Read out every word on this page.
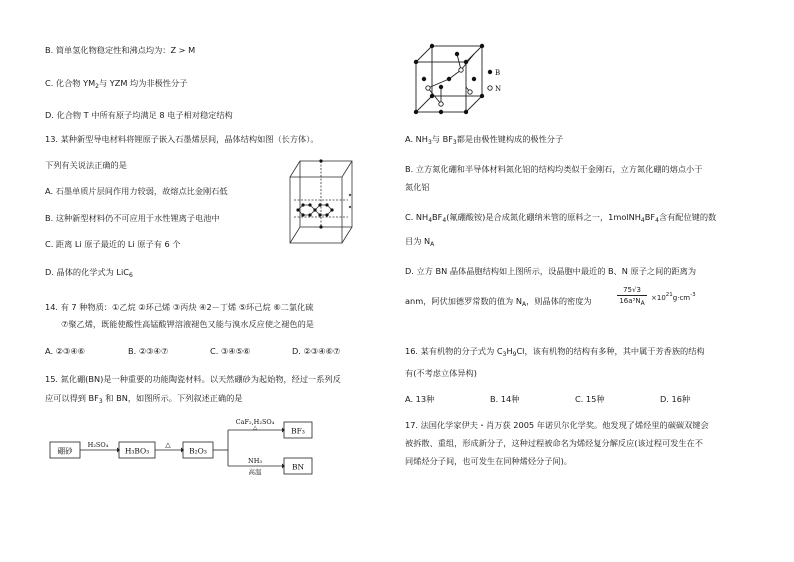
B. 简单氢化物稳定性和沸点均为：Z > M
C. 化合物 $YM_2$与 YZM 均为非极性分子
D. 化合物 T 中所有原子均满足 8 电子相对稳定结构
13. 某种新型导电材料将锂原子嵌入石墨烯层间，晶体结构如图（长方体）。
下列有关说法正确的是
A. 石墨单质片层间作用力较弱，故熔点比金刚石低
B. 这种新型材料仍不可应用于水性锂离子电池中
C. 距离 Li 原子最近的 Li 原子有 6 个
D. 晶体的化学式为 LiC$_6$
14. 有 7 种物质：①乙烷 ②环己烯 ③丙炔 ④2－丁烯 ⑤环己烷 ⑥二氯化硫
⑦聚乙烯，既能使酸性高锰酸钾溶液褪色又能与溴水反应使之褪色的是
A. ②③④⑥	B. ②③④⑦	C. ③④⑤⑥	D. ②③④⑥⑦
15. 氮化硼(BN)是一种重要的功能陶瓷材料。以天然硼砂为起始物，经过一系列反
应可以得到 $BF_3$ 和 BN，如图所示。下列叙述正确的是
硼砂
H₂SO₄
H₃BO₃
△
B₂O₃
CaF₂,H₂SO₄
△	BF₃
NH₃
高温
BN
B
N
A. $NH_3$与 $BF_3$都是由极性键构成的极性分子
B. 立方氮化硼和半导体材料氮化铝的结构均类似于金刚石，立方氮化硼的熔点小于
氮化铝
C. $NH_4BF_4$(氟硼酸铵)是合成氮化硼纳米管的原料之一，$1molNH_4BF_4$含有配位键的数
目为 $N_A$
D. 立方 BN 晶体晶胞结构如上图所示，设晶胞中最近的 B、N 原子之间的距离为
anm，阿伏加德罗常数的值为 $N_A$，则晶体的密度为
75√3
16a³NA
$\times 10^{21}g\cdot cm^{-3}$
16. 某有机物的分子式为 $C_3H_9Cl$，该有机物的结构有多种，其中属于芳香族的结构
有(不考虑立体异构)
A. 13种	B. 14种	C. 15种	D. 16种
17. 法国化学家伊夫・肖万获 2005 年诺贝尔化学奖。他发现了烯烃里的碳碳双键会
被拆散、重组，形成新分子，这种过程被命名为烯烃复分解反应(该过程可发生在不
同烯烃分子间，也可发生在同种烯烃分子间)。
